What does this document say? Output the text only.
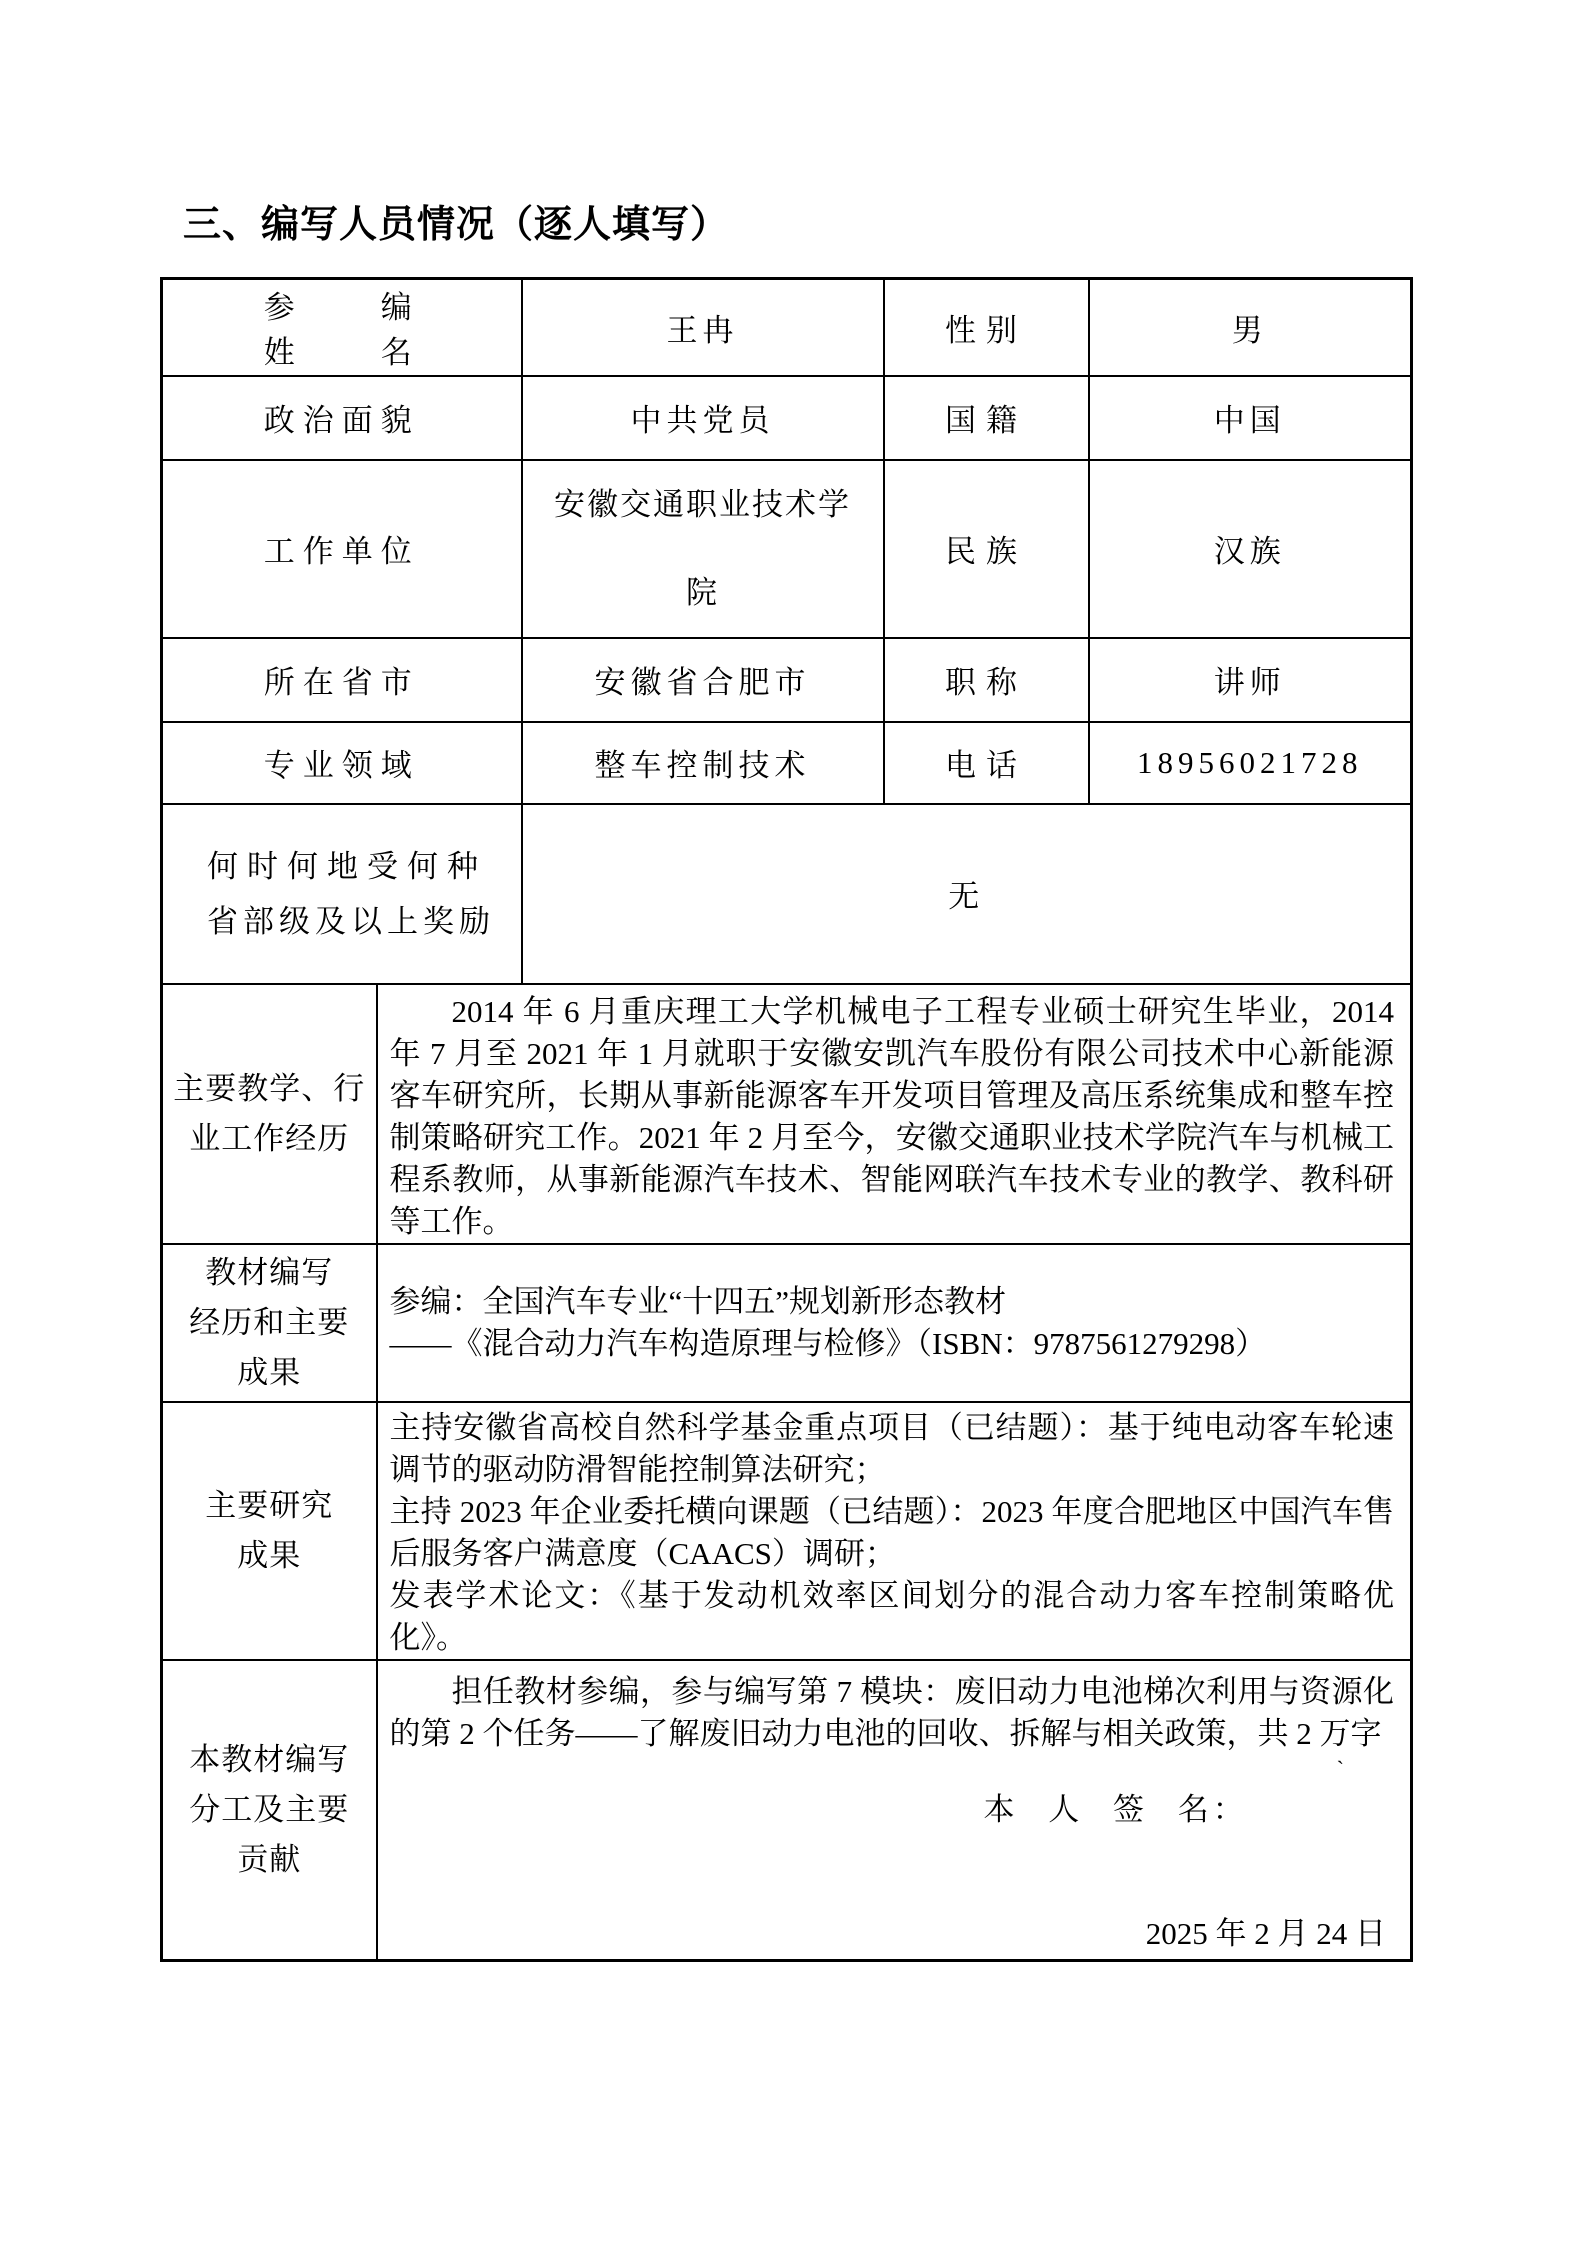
三、编写人员情况（逐人填写）
参　　编
姓　　名		王冉	性别	男
政治面貌		中共党员	国籍	中国
工作单位		安徽交通职业技术学院	民族	汉族
所在省市		安徽省合肥市	职称	讲师
专业领域		整车控制技术	电话	18956021728

何时何地受何种
省部级及以上奖励		无		

主要教学、行
业工作经历	2014 年 6 月重庆理工大学机械电子工程专业硕士研究生毕业，2014 年 7 月至 2021 年 1 月就职于安徽安凯汽车股份有限公司技术中心新能源客车研究所，长期从事新能源客车开发项目管理及高压系统集成和整车控制策略研究工作。2021 年 2 月至今，安徽交通职业技术学院汽车与机械工程系教师，从事新能源汽车技术、智能网联汽车技术专业的教学、教科研等工作。			

教材编写
经历和主要
成果

参编：全国汽车专业“十四五”规划新形态教材
——《混合动力汽车构造原理与检修》（ISBN：9787561279298）

主要研究
成果

主持安徽省高校自然科学基金重点项目（已结题）：基于纯电动客车轮速调节的驱动防滑智能控制算法研究；
主持 2023 年企业委托横向课题（已结题）：2023 年度合肥地区中国汽车售后服务客户满意度（CAACS）调研；
发表学术论文：《基于发动机效率区间划分的混合动力客车控制策略优化》。

本教材编写
分工及主要
贡献

担任教材参编，参与编写第 7 模块：废旧动力电池梯次利用与资源化的第 2 个任务——了解废旧动力电池的回收、拆解与相关政策，共 2 万字
`
本 人 签 名：
2025 年 2 月 24 日
